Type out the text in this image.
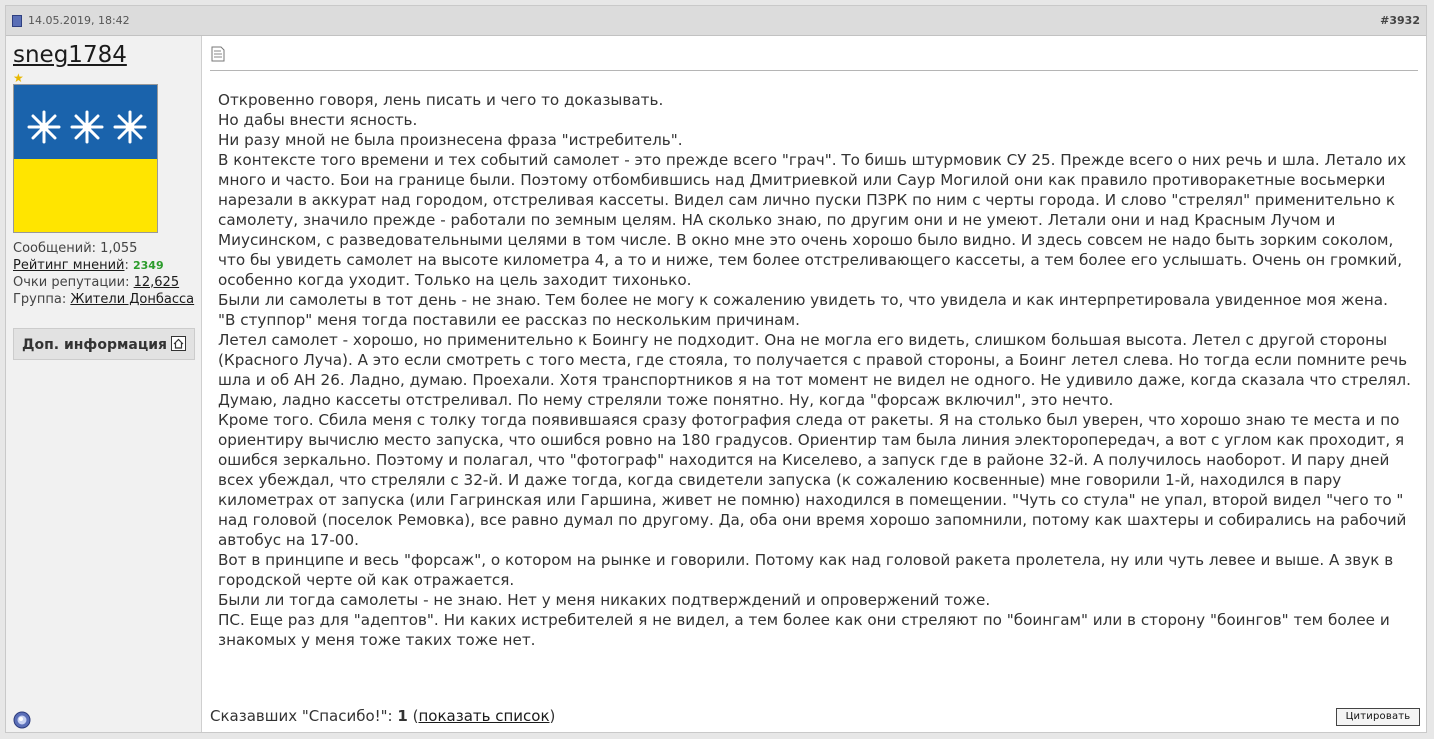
14.05.2019, 18:42	#3932
sneg1784
★
Сообщений: 1,055
Рейтинг мнений: 2349
Очки репутации: 12,625
Группа: Жители Донбасса
Доп. информация

Откровенно говоря, лень писать и чего то доказывать.

Но дабы внести ясность.

Ни разу мной не была произнесена фраза "истребитель".

В контексте того времени и тех событий самолет - это прежде всего "грач". То бишь штурмовик СУ 25. Прежде всего о них речь и шла. Летало их много и часто. Бои на границе были. Поэтому отбомбившись над Дмитриевкой или Саур Могилой они как правило противоракетные восьмерки нарезали в аккурат над городом, отстреливая кассеты. Видел сам лично пуски ПЗРК по ним с черты города. И слово "стрелял" применительно к самолету, значило прежде - работали по земным целям. НА сколько знаю, по другим они и не умеют. Летали они и над Красным Лучом и Миусинском, с разведовательными целями в том числе. В окно мне это очень хорошо было видно. И здесь совсем не надо быть зорким соколом, что бы увидеть самолет на высоте километра 4, а то и ниже, тем более отстреливающего кассеты, а тем более его услышать. Очень он громкий, особенно когда уходит. Только на цель заходит тихонько.

Были ли самолеты в тот день - не знаю. Тем более не могу к сожалению увидеть то, что увидела и как интерпретировала увиденное моя жена.

"В ступпор" меня тогда поставили ее рассказ по нескольким причинам.

Летел самолет - хорошо, но применительно к Боингу не подходит. Она не могла его видеть, слишком большая высота. Летел с другой стороны (Красного Луча). А это если смотреть с того места, где стояла, то получается с правой стороны, а Боинг летел слева. Но тогда если помните речь шла и об АН 26. Ладно, думаю. Проехали. Хотя транспортников я на тот момент не видел не одного. Не удивило даже, когда сказала что стрелял. Думаю, ладно кассеты отстреливал. По нему стреляли тоже понятно. Ну, когда "форсаж включил", это нечто.

Кроме того. Сбила меня с толку тогда появившаяся сразу фотография следа от ракеты. Я на столько был уверен, что хорошо знаю те места и по ориентиру вычислю место запуска, что ошибся ровно на 180 градусов. Ориентир там была линия электоропередач, а вот с углом как проходит, я ошибся зеркально. Поэтому и полагал, что "фотограф" находится на Киселево, а запуск где в районе 32-й. А получилось наоборот. И пару дней всех убеждал, что стреляли с 32-й. И даже тогда, когда свидетели запуска (к сожалению косвенные) мне говорили 1-й, находился в пару километрах от запуска (или Гагринская или Гаршина, живет не помню) находился в помещении. "Чуть со стула" не упал, второй видел "чего то " над головой (поселок Ремовка), все равно думал по другому. Да, оба они время хорошо запомнили, потому как шахтеры и собирались на рабочий автобус на 17-00.

Вот в принципе и весь "форсаж", о котором на рынке и говорили. Потому как над головой ракета пролетела, ну или чуть левее и выше. А звук в городской черте ой как отражается.

Были ли тогда самолеты - не знаю. Нет у меня никаких подтверждений и опровержений тоже.

ПС. Еще раз для "адептов". Ни каких истребителей я не видел, а тем более как они стреляют по "боингам" или в сторону "боингов" тем более и знакомых у меня тоже таких тоже нет.

Сказавших "Спасибо!": 1 (показать список)	Цитировать
